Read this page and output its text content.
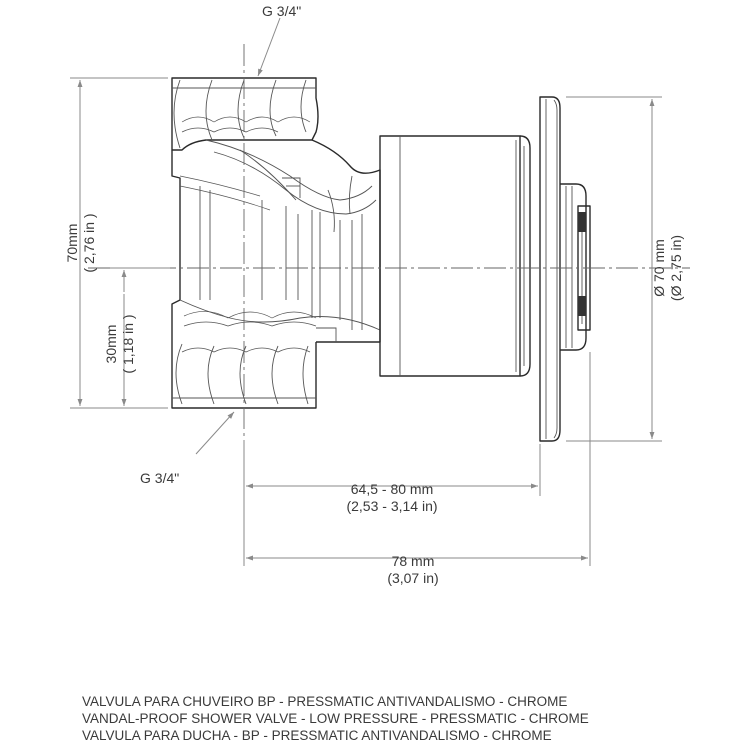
G 3/4"
G 3/4"
70mm ( 2,76 in )
30mm ( 1,18 in )
Ø 70 mm (Ø 2,75 in)
64,5 - 80 mm
(2,53 - 3,14 in)
78 mm
(3,07 in)
VALVULA PARA CHUVEIRO BP - PRESSMATIC ANTIVANDALISMO - CHROME
VANDAL-PROOF SHOWER VALVE - LOW PRESSURE - PRESSMATIC - CHROME
VALVULA PARA DUCHA - BP - PRESSMATIC ANTIVANDALISMO - CHROME
